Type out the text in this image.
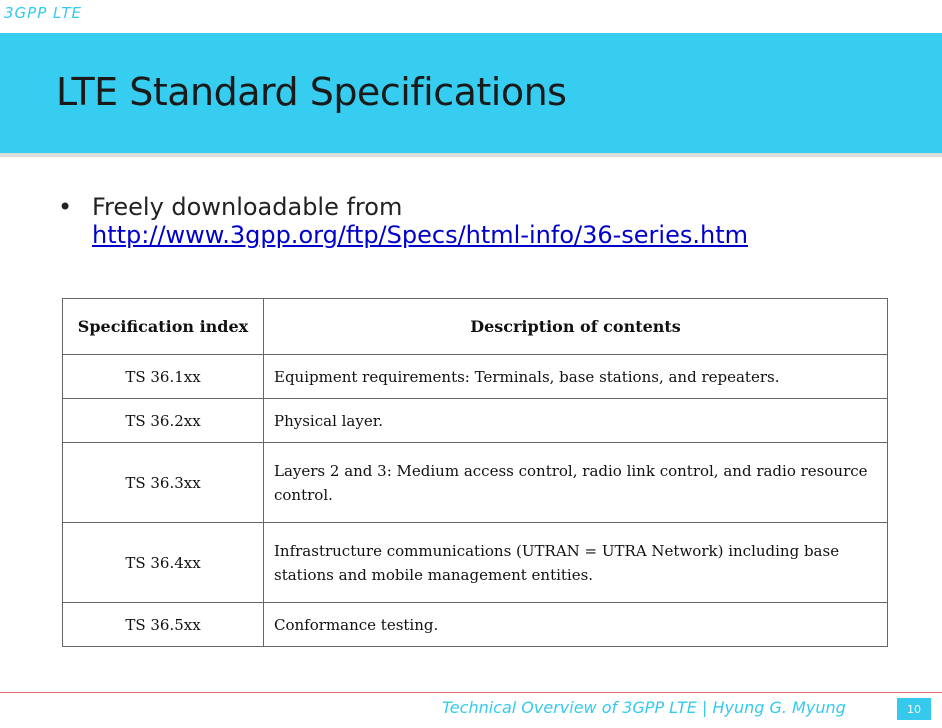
3GPP LTE
LTE Standard Specifications
• Freely downloadable from
http://www.3gpp.org/ftp/Specs/html-info/36-series.htm
Specification index	Description of contents
TS 36.1xx	Equipment requirements: Terminals, base stations, and repeaters.
TS 36.2xx	Physical layer.
TS 36.3xx	Layers 2 and 3: Medium access control, radio link control, and radio resource control.
TS 36.4xx	Infrastructure communications (UTRAN = UTRA Network) including base stations and mobile management entities.
TS 36.5xx	Conformance testing.
Technical Overview of 3GPP LTE | Hyung G. Myung	10
